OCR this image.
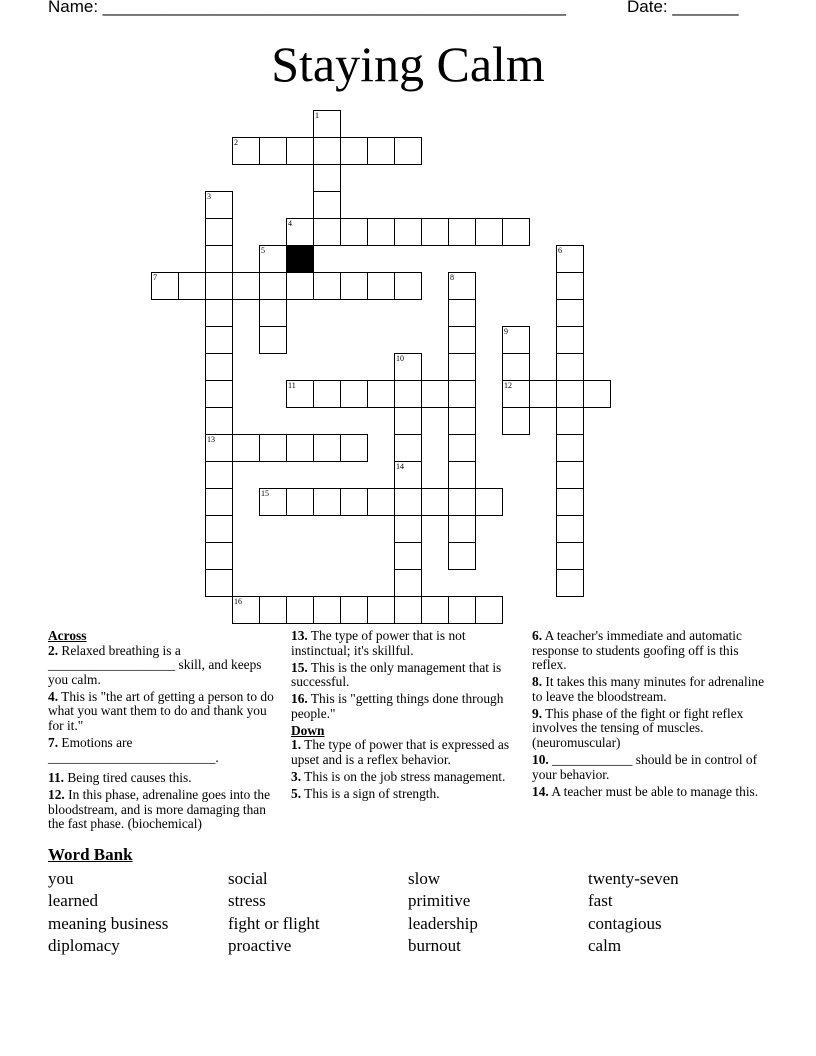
Name: _________________________________________________	Date: _______
Staying Calm
1
2
3
13
4
5	6
7	8
9
12
10
14
11
15
16
Across
2. Relaxed breathing is a ___________________ skill, and keeps you calm.
4. This is "the art of getting a person to do what you want them to do and thank you for it."
7. Emotions are _________________________.
11. Being tired causes this.
12. In this phase, adrenaline goes into the bloodstream, and is more damaging than the fast phase. (biochemical)
13. The type of power that is not instinctual; it's skillful.
15. This is the only management that is successful.
16. This is "getting things done through people."
Down
1. The type of power that is expressed as upset and is a reflex behavior.
3. This is on the job stress management.
5. This is a sign of strength.
6. A teacher's immediate and automatic response to students goofing off is this reflex.
8. It takes this many minutes for adrenaline to leave the bloodstream.
9. This phase of the fight or fight reflex involves the tensing of muscles. (neuromuscular)
10. ____________ should be in control of your behavior.
14. A teacher must be able to manage this.
Word Bank
you	social	slow	twenty-seven
learned	stress	primitive	fast
meaning business	fight or flight	leadership	contagious
diplomacy	proactive	burnout	calm
